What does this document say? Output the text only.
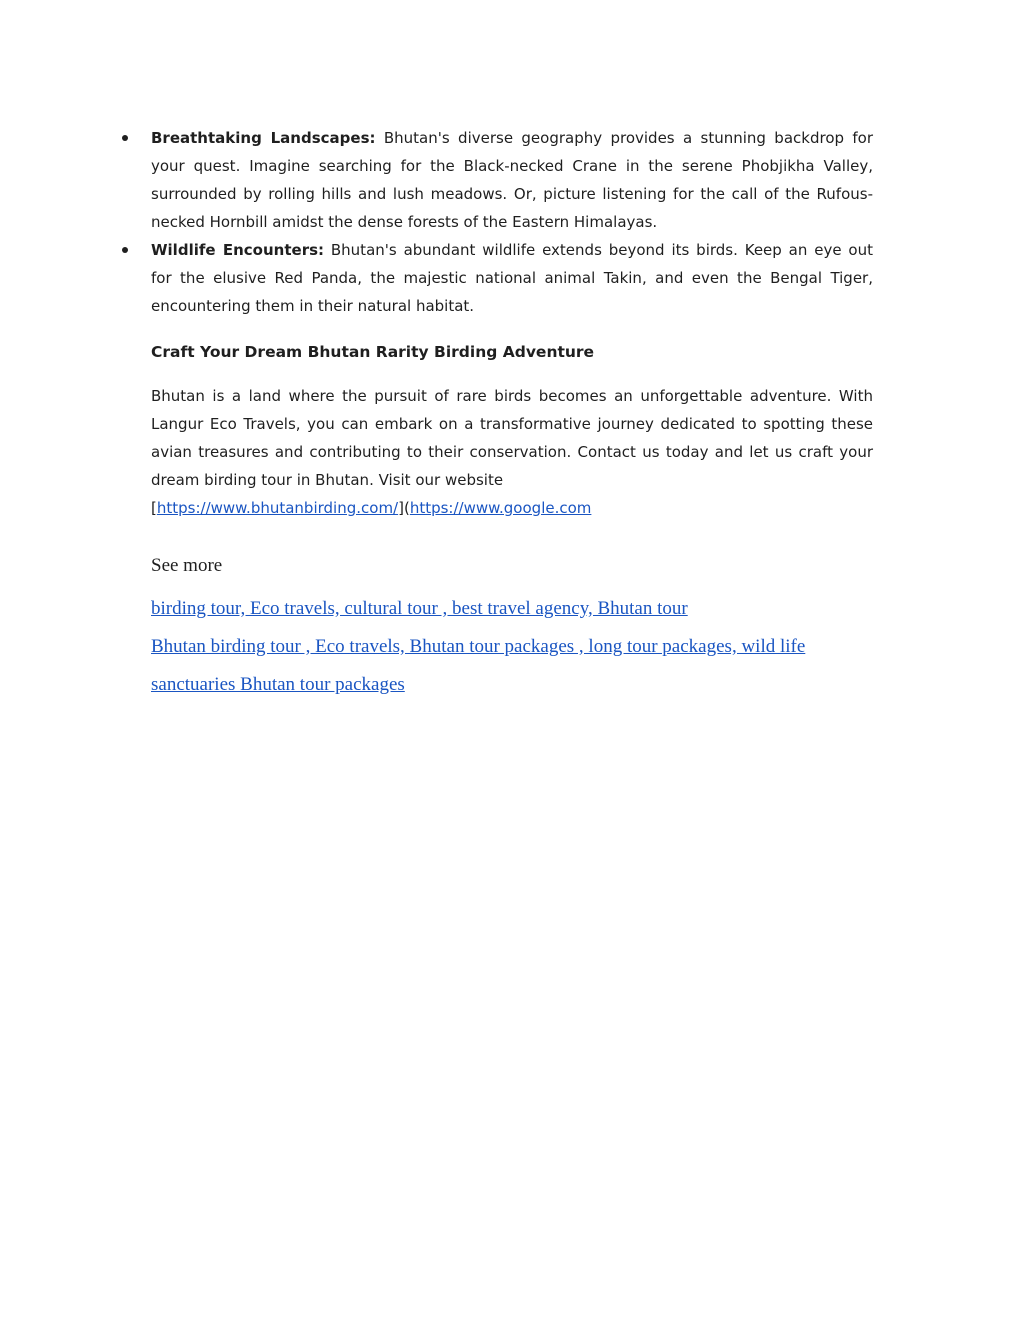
Breathtaking Landscapes: Bhutan's diverse geography provides a stunning backdrop for your quest. Imagine searching for the Black-necked Crane in the serene Phobjikha Valley, surrounded by rolling hills and lush meadows. Or, picture listening for the call of the Rufous-necked Hornbill amidst the dense forests of the Eastern Himalayas.
Wildlife Encounters: Bhutan's abundant wildlife extends beyond its birds. Keep an eye out for the elusive Red Panda, the majestic national animal Takin, and even the Bengal Tiger, encountering them in their natural habitat.
Craft Your Dream Bhutan Rarity Birding Adventure

Bhutan is a land where the pursuit of rare birds becomes an unforgettable adventure. With Langur Eco Travels, you can embark on a transformative journey dedicated to spotting these avian treasures and contributing to their conservation. Contact us today and let us craft your dream birding tour in Bhutan. Visit our website
[https://www.bhutanbirding.com/](https://www.google.com

See more

birding tour, Eco travels, cultural tour , best travel agency, Bhutan tour
Bhutan birding tour , Eco travels, Bhutan tour packages , long tour packages, wild life sanctuaries Bhutan tour packages
